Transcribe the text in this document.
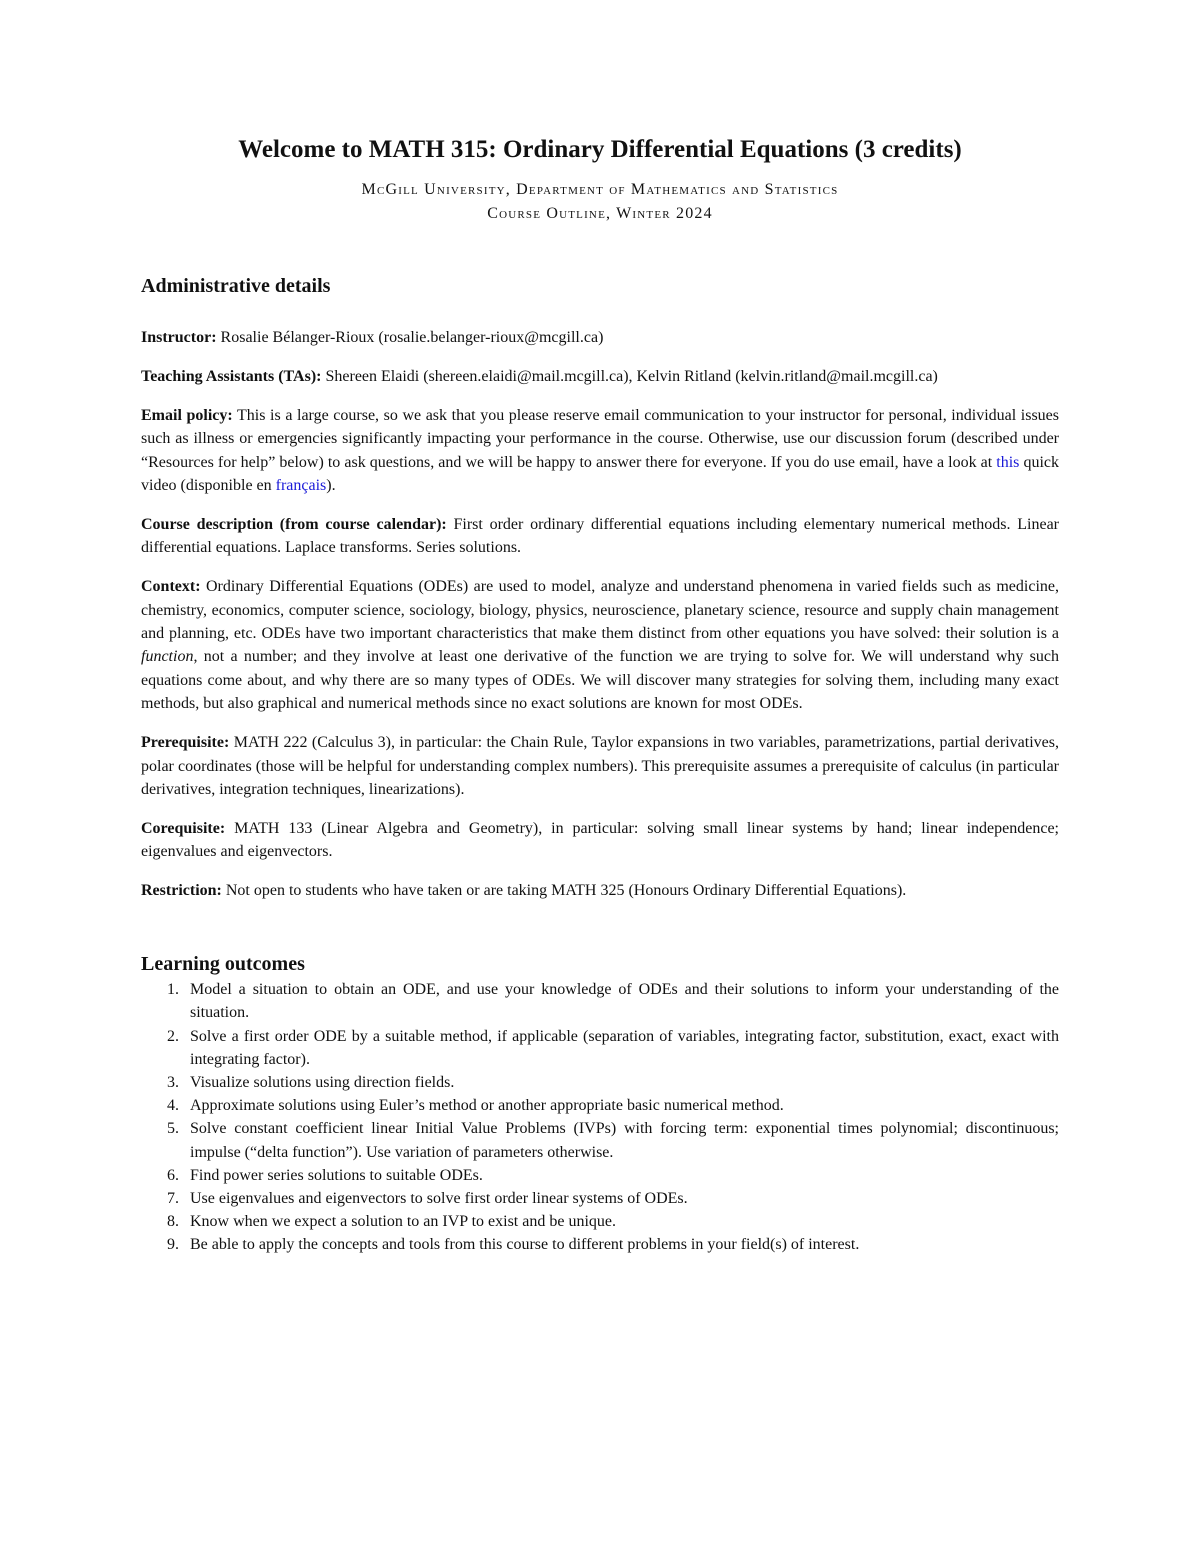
Welcome to MATH 315: Ordinary Differential Equations (3 credits)
McGill University, Department of Mathematics and Statistics
Course Outline, Winter 2024
Administrative details

Instructor: Rosalie Bélanger-Rioux (rosalie.belanger-rioux@mcgill.ca)

Teaching Assistants (TAs): Shereen Elaidi (shereen.elaidi@mail.mcgill.ca), Kelvin Ritland (kelvin.ritland@mail.mcgill.ca)

Email policy: This is a large course, so we ask that you please reserve email communication to your instructor for personal, individual issues such as illness or emergencies significantly impacting your performance in the course. Otherwise, use our discussion forum (described under “Resources for help” below) to ask questions, and we will be happy to answer there for everyone. If you do use email, have a look at this quick video (disponible en français).

Course description (from course calendar): First order ordinary differential equations including elementary numerical methods. Linear differential equations. Laplace transforms. Series solutions.

Context: Ordinary Differential Equations (ODEs) are used to model, analyze and understand phenomena in varied fields such as medicine, chemistry, economics, computer science, sociology, biology, physics, neuroscience, planetary science, resource and supply chain management and planning, etc. ODEs have two important characteristics that make them distinct from other equations you have solved: their solution is a function, not a number; and they involve at least one derivative of the function we are trying to solve for. We will understand why such equations come about, and why there are so many types of ODEs. We will discover many strategies for solving them, including many exact methods, but also graphical and numerical methods since no exact solutions are known for most ODEs.

Prerequisite: MATH 222 (Calculus 3), in particular: the Chain Rule, Taylor expansions in two variables, parametrizations, partial derivatives, polar coordinates (those will be helpful for understanding complex numbers). This prerequisite assumes a prerequisite of calculus (in particular derivatives, integration techniques, linearizations).

Corequisite: MATH 133 (Linear Algebra and Geometry), in particular: solving small linear systems by hand; linear independence; eigenvalues and eigenvectors.

Restriction: Not open to students who have taken or are taking MATH 325 (Honours Ordinary Differential Equations).

Learning outcomes
1. Model a situation to obtain an ODE, and use your knowledge of ODEs and their solutions to inform your understanding of the situation.
2. Solve a first order ODE by a suitable method, if applicable (separation of variables, integrating factor, substitution, exact, exact with integrating factor).
3. Visualize solutions using direction fields.
4. Approximate solutions using Euler’s method or another appropriate basic numerical method.
5. Solve constant coefficient linear Initial Value Problems (IVPs) with forcing term: exponential times polynomial; discontinuous; impulse (“delta function”). Use variation of parameters otherwise.
6. Find power series solutions to suitable ODEs.
7. Use eigenvalues and eigenvectors to solve first order linear systems of ODEs.
8. Know when we expect a solution to an IVP to exist and be unique.
9. Be able to apply the concepts and tools from this course to different problems in your field(s) of interest.
